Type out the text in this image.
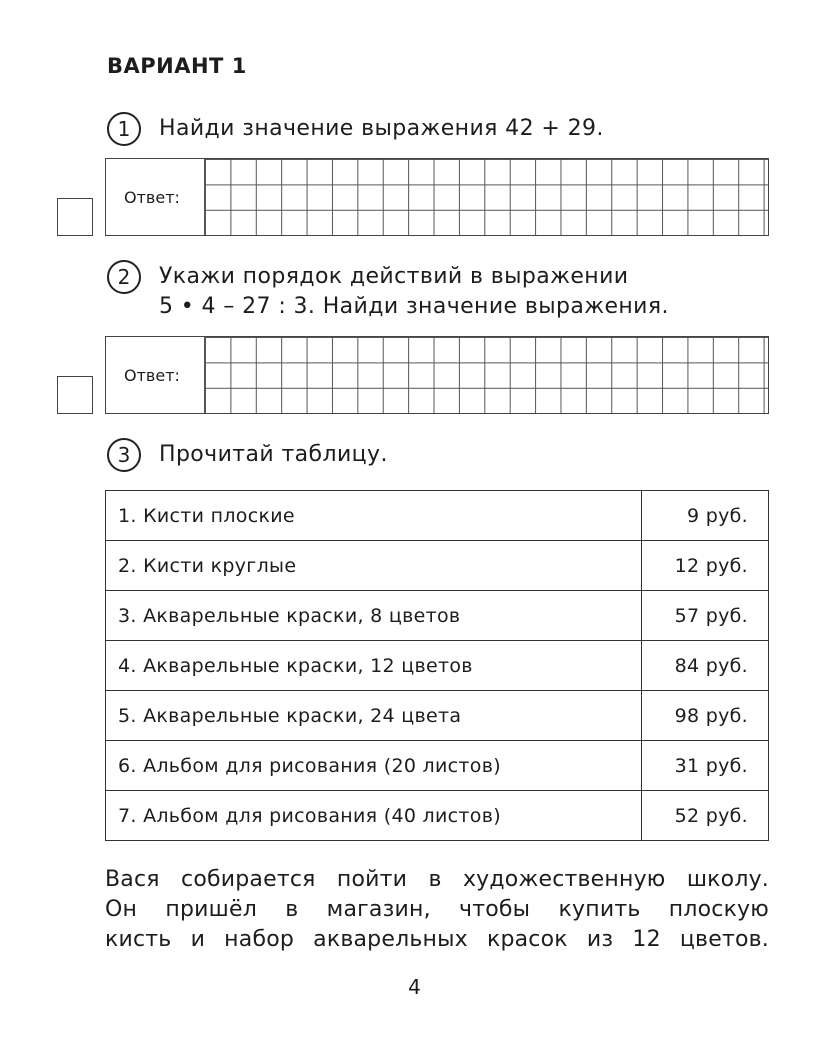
ВАРИАНТ 1
1	Найди значение выражения 42 + 29.
Ответ:
2	Укажи порядок действий в выражении
5 • 4 – 27 : 3. Найди значение выражения.
Ответ:
3	Прочитай таблицу.
1. Кисти плоские	9 руб.
2. Кисти круглые	12 руб.
3. Акварельные краски, 8 цветов	57 руб.
4. Акварельные краски, 12 цветов	84 руб.
5. Акварельные краски, 24 цвета	98 руб.
6. Альбом для рисования (20 листов)	31 руб.
7. Альбом для рисования (40 листов)	52 руб.
Вася собирается пойти в художественную школу.
Он пришёл в магазин, чтобы купить плоскую
кисть и набор акварельных красок из 12 цветов.
4
